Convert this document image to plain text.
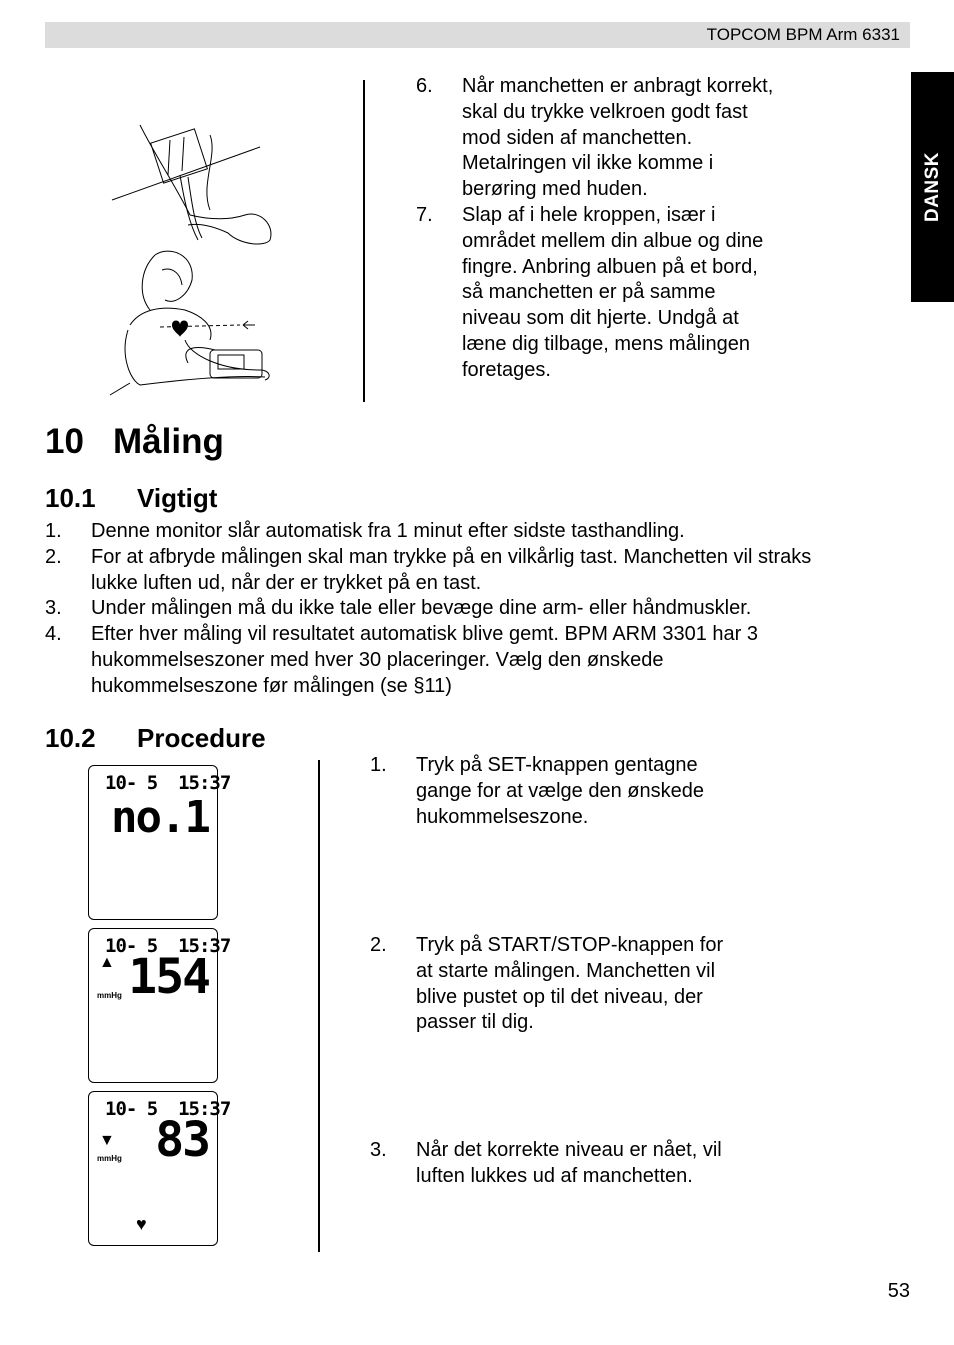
TOPCOM BPM Arm 6331
DANSK
6. Når manchetten er anbragt korrekt,
skal du trykke velkroen godt fast
mod siden af manchetten.
Metalringen vil ikke komme i
berøring med huden.
7. Slap af i hele kroppen, især i
området mellem din albue og dine
fingre. Anbring albuen på et bord,
så manchetten er på samme
niveau som dit hjerte. Undgå at
læne dig tilbage, mens målingen
foretages.
10 Måling
10.1 Vigtigt
1. Denne monitor slår automatisk fra 1 minut efter sidste tasthandling.
2. For at afbryde målingen skal man trykke på en vilkårlig tast. Manchetten vil straks
lukke luften ud, når der er trykket på en tast.
3. Under målingen må du ikke tale eller bevæge dine arm- eller håndmuskler.
4. Efter hver måling vil resultatet automatisk blive gemt. BPM ARM 3301 har 3
hukommelseszoner med hver 30 placeringer. Vælg den ønskede
hukommelseszone før målingen (se §11)
10.2 Procedure
10- 5 15:37
no.1
10- 5 15:37
▲
mmHg 154
10- 5 15:37
▼
mmHg 83
♥
1. Tryk på SET-knappen gentagne
gange for at vælge den ønskede
hukommelseszone.
2. Tryk på START/STOP-knappen for
at starte målingen. Manchetten vil
blive pustet op til det niveau, der
passer til dig.
3. Når det korrekte niveau er nået, vil
luften lukkes ud af manchetten.
53
